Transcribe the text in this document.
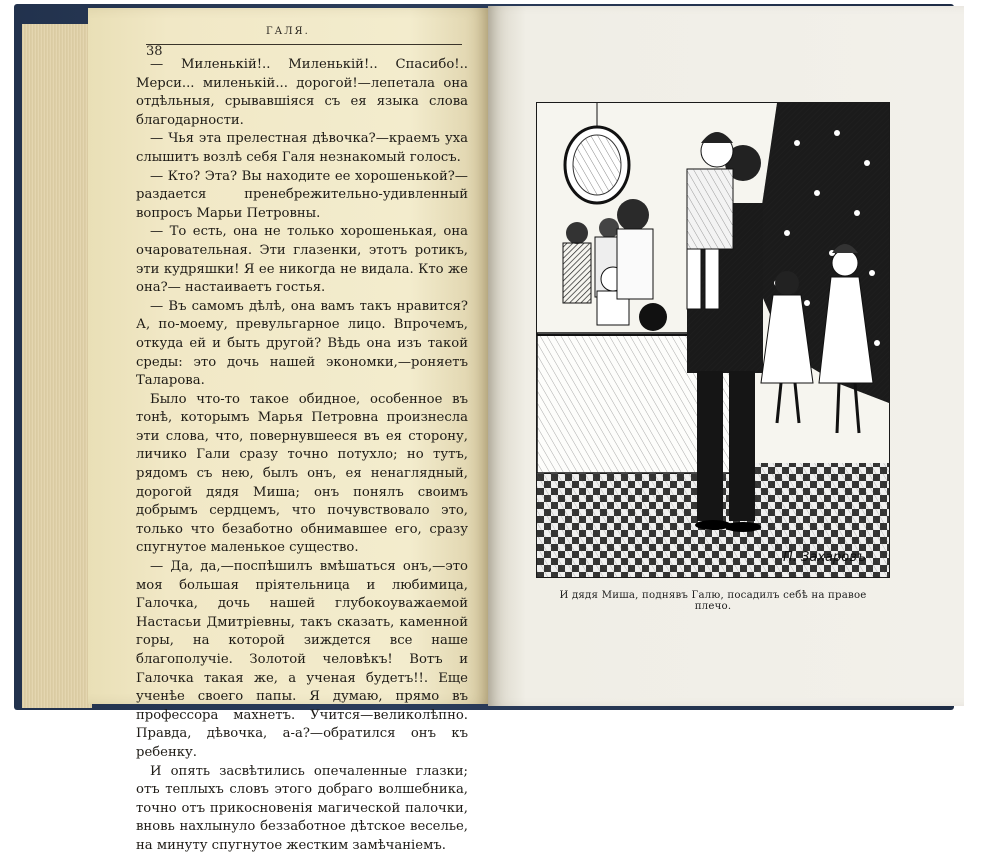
ГАЛЯ.
38

— Миленькій!.. Миленькій!.. Спасибо!.. Мерси... миленькій... дорогой!—лепетала она отдѣльныя, срывавшіяся съ ея языка слова благодарности.

— Чья эта прелестная дѣвочка?—краемъ уха слышитъ возлѣ себя Галя незнакомый голосъ.

— Кто? Эта? Вы находите ее хорошенькой?— раздается пренебрежительно-удивленный вопросъ Марьи Петровны.

— То есть, она не только хорошенькая, она очаровательная. Эти глазенки, этотъ ротикъ, эти кудряшки! Я ее никогда не видала. Кто же она?— настаиваетъ гостья.

— Въ самомъ дѣлѣ, она вамъ такъ нравится? А, по-моему, превульгарное лицо. Впрочемъ, откуда ей и быть другой? Вѣдь она изъ такой среды: это дочь нашей экономки,—роняетъ Таларова.

Было что-то такое обидное, особенное въ тонѣ, которымъ Марья Петровна произнесла эти слова, что, повернувшееся въ ея сторону, личико Гали сразу точно потухло; но тутъ, рядомъ съ нею, былъ онъ, ея ненаглядный, дорогой дядя Миша; онъ понялъ своимъ добрымъ сердцемъ, что почувствовало это, только что безаботно обнимавшее его, сразу спугнутое маленькое существо.

— Да, да,—поспѣшилъ вмѣшаться онъ,—это моя большая пріятельница и любимица, Галочка, дочь нашей глубокоуважаемой Настасьи Дмитріевны, такъ сказать, каменной горы, на которой зиждется все наше благополучіе. Золотой человѣкъ! Вотъ и Галочка такая же, а ученая будетъ!!. Еще ученѣе своего папы. Я думаю, прямо въ профессора махнетъ. Учится—великолѣпно. Правда, дѣвочка, а-а?—обратился онъ къ ребенку.

И опять засвѣтились опечаленные глазки; отъ теплыхъ словъ этого добраго волшебника, точно отъ прикосновенія магической палочки, вновь нахлынуло беззаботное дѣтское веселье, на минуту спугнутое жестким замѣчаніемъ.

П. Захаровъ
И дядя Миша, поднявъ Галю, посадилъ себѣ на правое плечо.
